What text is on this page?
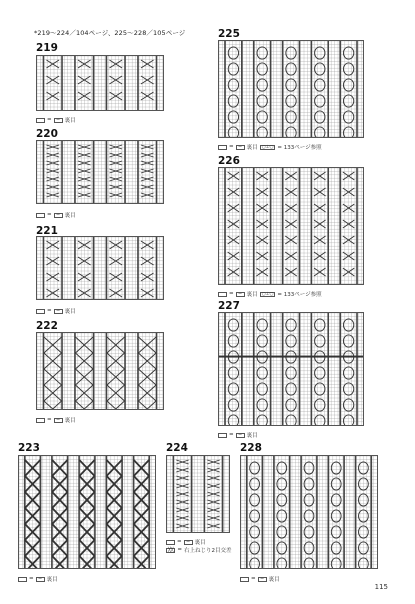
*219〜224／104ページ、225〜228／105ページ
219
= − 裏目
220
= − 裏目
221
= − 裏目
222
= − 裏目
223
= − 裏目
224
= − 裏目
╳╳ = 右上ねじり2目交差
225
= − 裏目 ○⊥○ = 133ページ参照
226
= − 裏目 ○⊥○ = 133ページ参照
227
= − 裏目
228
= − 裏目
115
